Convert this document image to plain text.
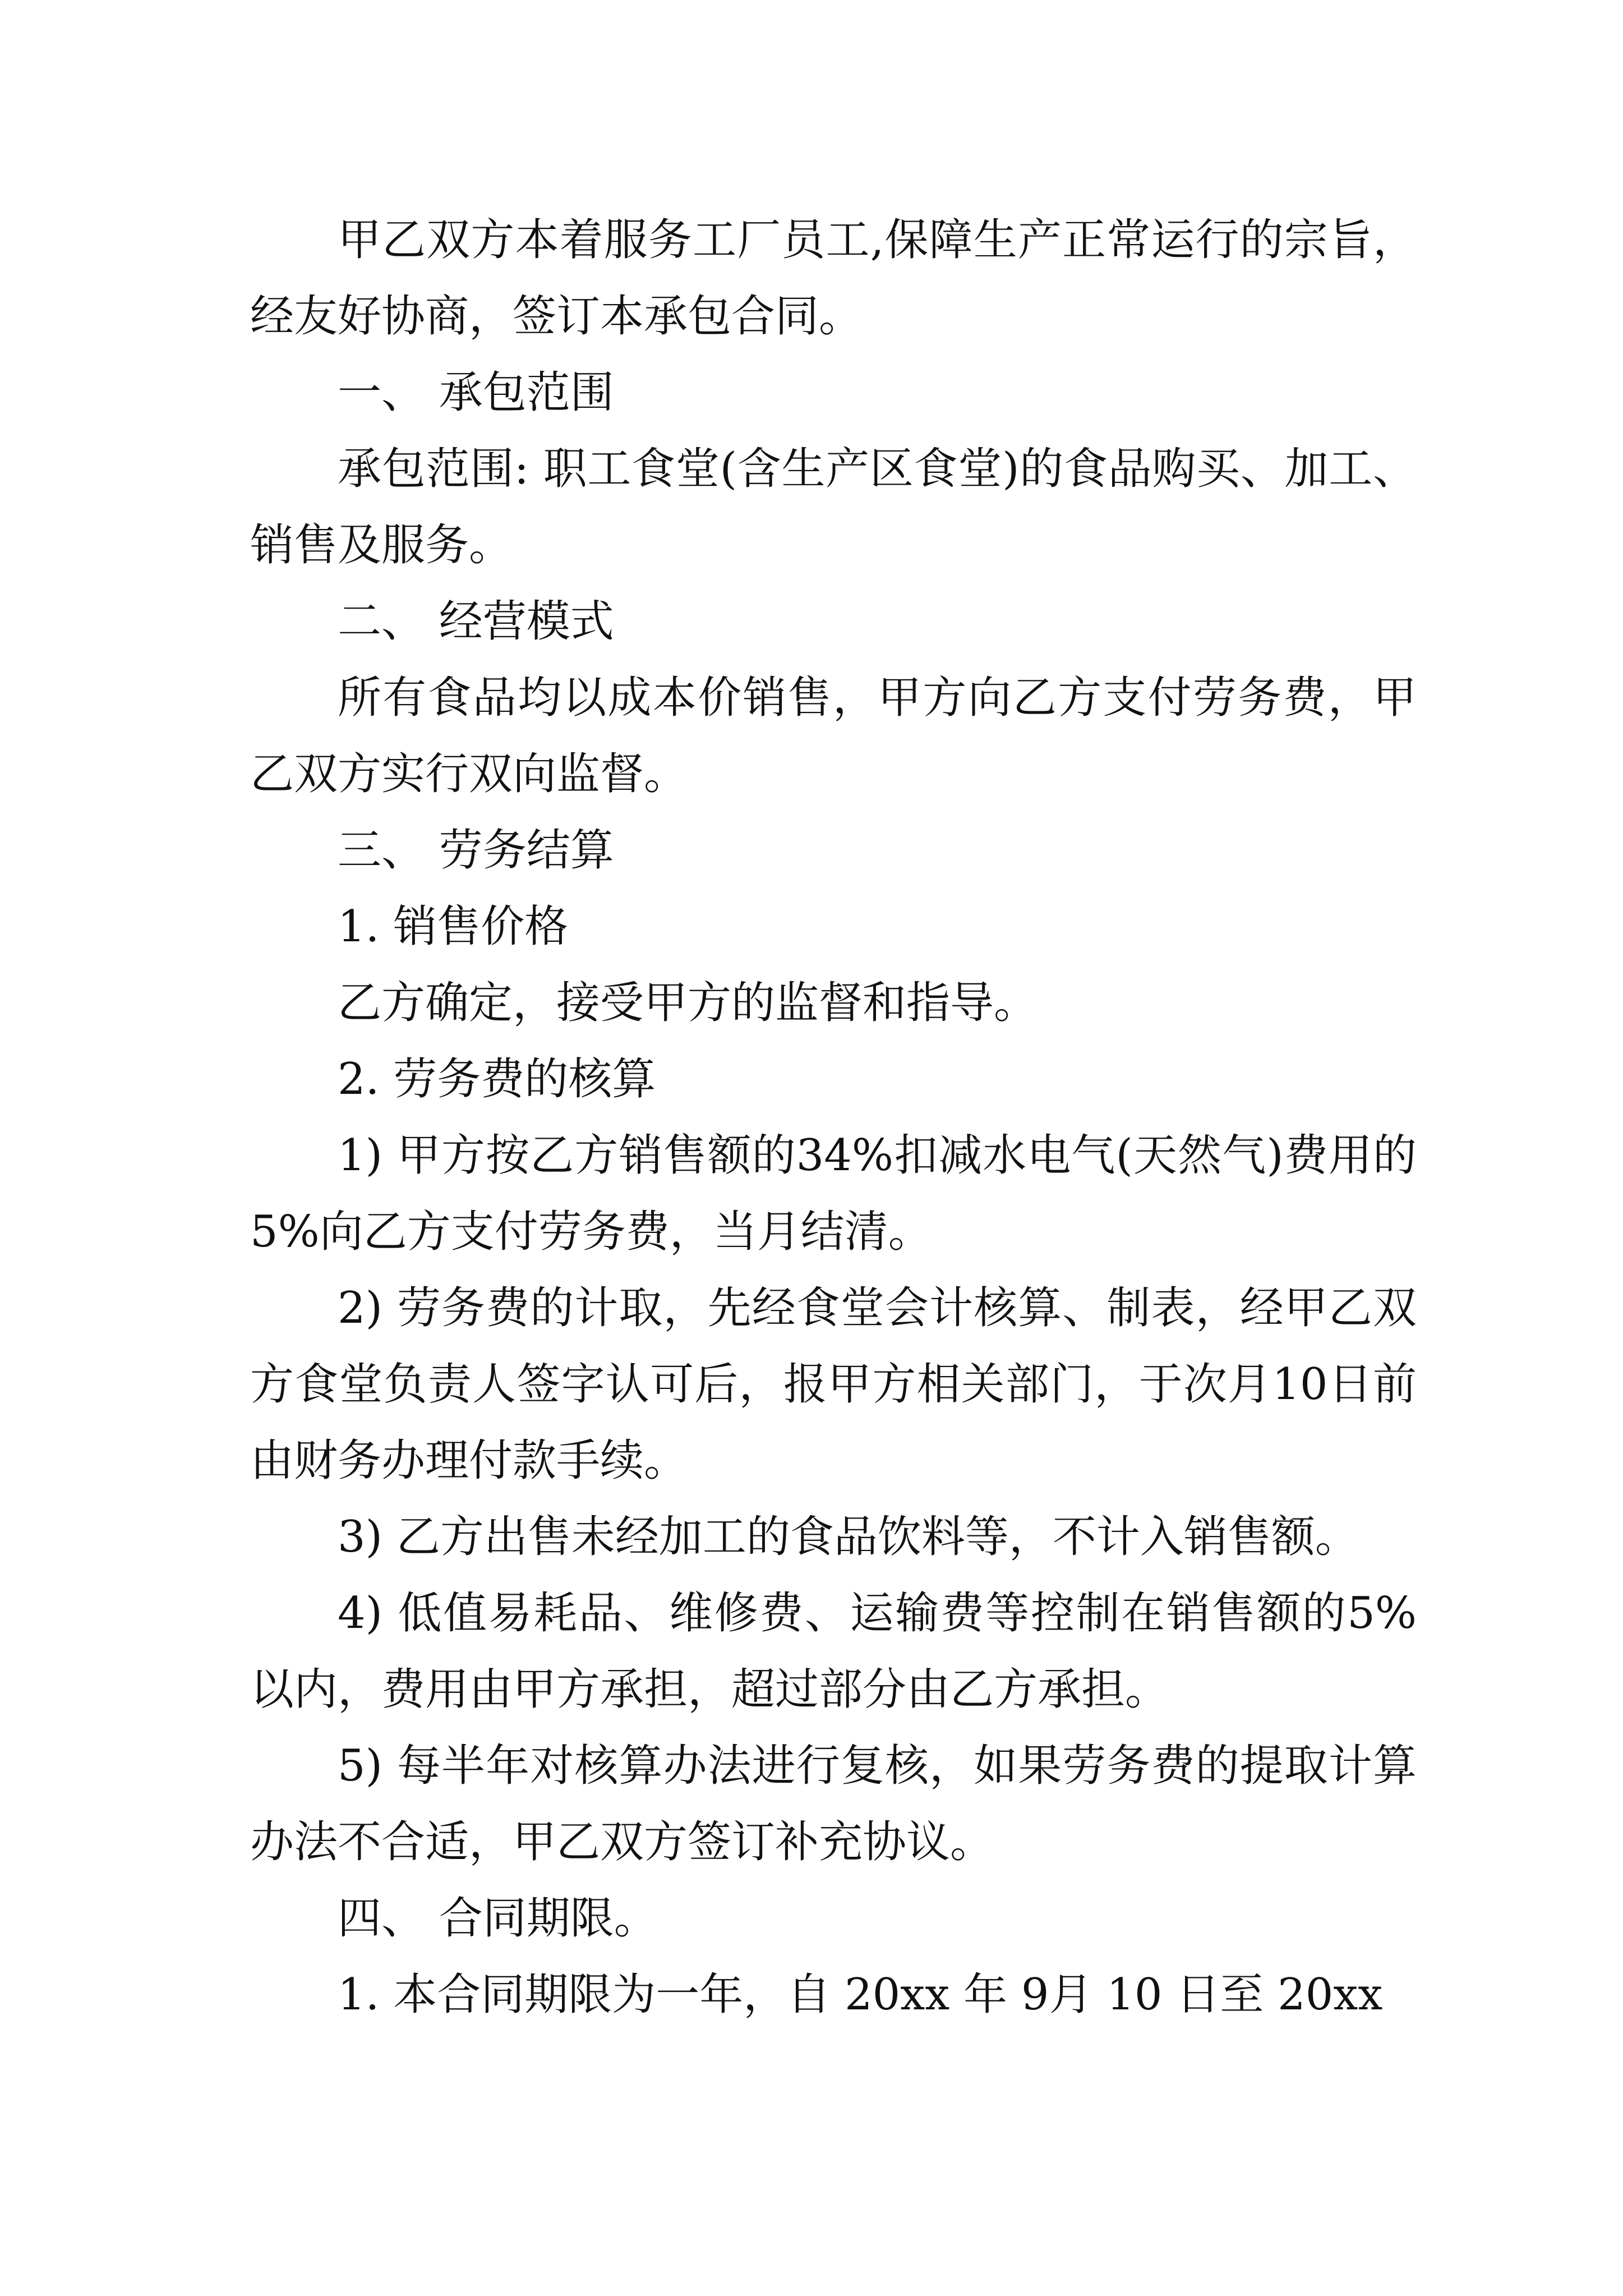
甲乙双方本着服务工厂员工,保障生产正常运行的宗旨，经友好协商，签订本承包合同。

一、 承包范围

承包范围: 职工食堂(含生产区食堂)的食品购买、加工、销售及服务。

二、 经营模式

所有食品均以成本价销售，甲方向乙方支付劳务费，甲乙双方实行双向监督。

三、 劳务结算

1. 销售价格

乙方确定，接受甲方的监督和指导。

2. 劳务费的核算

1) 甲方按乙方销售额的34%扣减水电气(天然气)费用的5%向乙方支付劳务费，当月结清。

2) 劳务费的计取，先经食堂会计核算、制表，经甲乙双方食堂负责人签字认可后，报甲方相关部门，于次月10日前由财务办理付款手续。

3) 乙方出售未经加工的食品饮料等，不计入销售额。

4) 低值易耗品、维修费、运输费等控制在销售额的5%以内，费用由甲方承担，超过部分由乙方承担。

5) 每半年对核算办法进行复核，如果劳务费的提取计算办法不合适，甲乙双方签订补充协议。

四、 合同期限。

1. 本合同期限为一年，自 20xx 年 9月 10 日至 20xx
